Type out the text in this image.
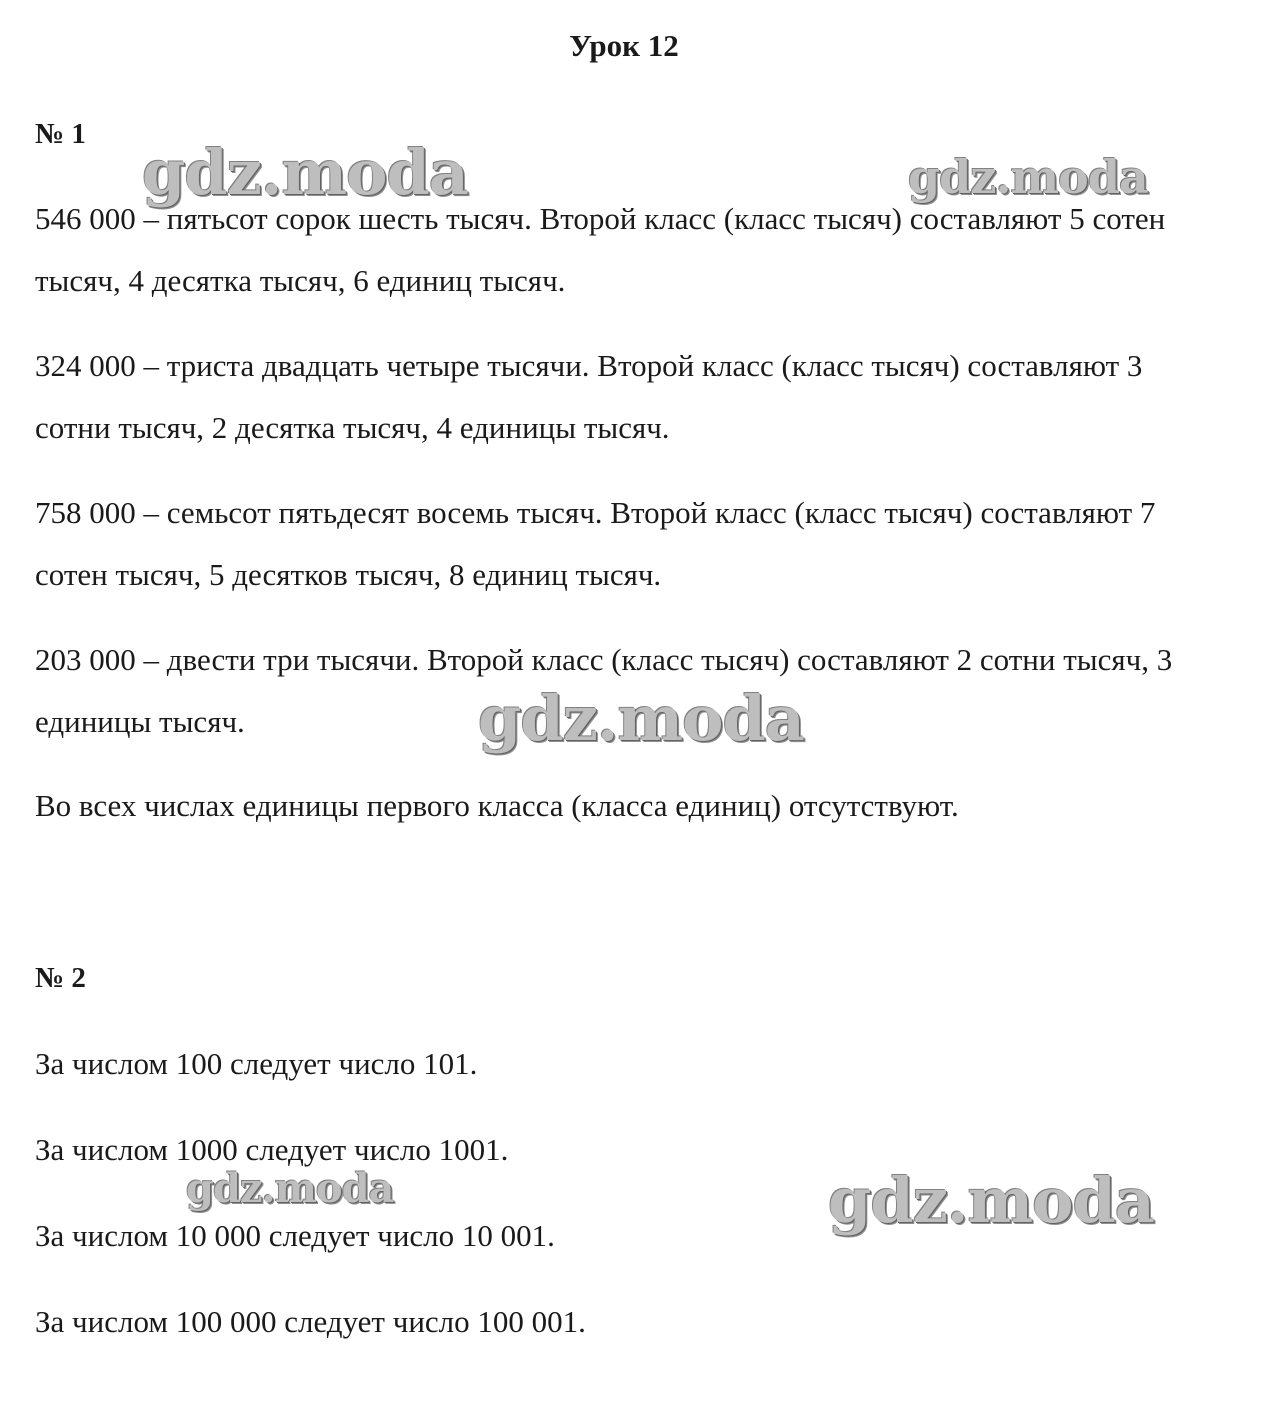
Урок 12
№ 1

546 000 – пятьсот сорок шесть тысяч. Второй класс (класс тысяч) составляют 5 сотен тысяч, 4 десятка тысяч, 6 единиц тысяч.

324 000 – триста двадцать четыре тысячи. Второй класс (класс тысяч) составляют 3 сотни тысяч, 2 десятка тысяч, 4 единицы тысяч.

758 000 – семьсот пятьдесят восемь тысяч. Второй класс (класс тысяч) составляют 7 сотен тысяч, 5 десятков тысяч, 8 единиц тысяч.

203 000 – двести три тысячи. Второй класс (класс тысяч) составляют 2 сотни тысяч, 3 единицы тысяч.

Во всех числах единицы первого класса (класса единиц) отсутствуют.
№ 2
За числом 100 следует число 101.
За числом 1000 следует число 1001.
За числом 10 000 следует число 10 001.
За числом 100 000 следует число 100 001.
gdz.moda	gdz.moda
gdz.moda
gdz.moda	gdz.moda
